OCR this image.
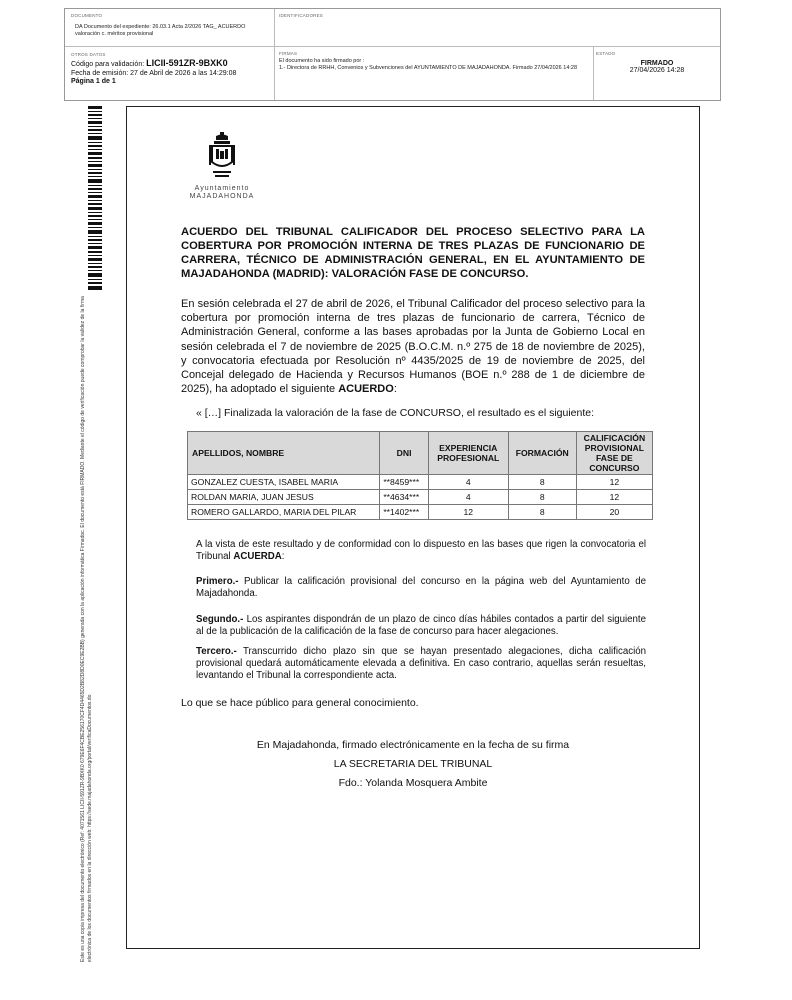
DOCUMENTO
DA Documento del expediente: 26.03.1 Acta 2/2026 TAG_ ACUERDO valoración c. méritos provisional
IDENTIFICADORES
OTROS DATOS
Código para validación: LICII-591ZR-9BXK0
Fecha de emisión: 27 de Abril de 2026 a las 14:29:08
Página 1 de 1
FIRMAS
El documento ha sido firmado por :
1.- Directora de RRHH, Convenios y Subvenciones del AYUNTAMIENTO DE MAJADAHONDA. Firmado 27/04/2026 14:28
ESTADO
FIRMADO
27/04/2026 14:28
Este es una copia impresa del documento electrónico (Ref: 4071561 LICII-591ZR-9BXK0 679E6F4CBE256170CF4D4465D2B82D8D0EC9E2BB) generada con la aplicación informática Firmadoc. El documento está FIRMADO. Mediante el código de verificación puede comprobar la validez de la firma electrónica de los documentos firmados en la dirección web: https://sede.majadahonda.org/portal/verificaDocumentos.do
Ayuntamiento
MAJADAHONDA
ACUERDO DEL TRIBUNAL CALIFICADOR DEL PROCESO SELECTIVO PARA LA COBERTURA POR PROMOCIÓN INTERNA DE TRES PLAZAS DE FUNCIONARIO DE CARRERA, TÉCNICO DE ADMINISTRACIÓN GENERAL, EN EL AYUNTAMIENTO DE MAJADAHONDA (MADRID): VALORACIÓN FASE DE CONCURSO.
En sesión celebrada el 27 de abril de 2026, el Tribunal Calificador del proceso selectivo para la cobertura por promoción interna de tres plazas de funcionario de carrera, Técnico de Administración General, conforme a las bases aprobadas por la Junta de Gobierno Local en sesión celebrada el 7 de noviembre de 2025 (B.O.C.M. n.º 275 de 18 de noviembre de 2025), y convocatoria efectuada por Resolución nº 4435/2025 de 19 de noviembre de 2025, del Concejal delegado de Hacienda y Recursos Humanos (BOE n.º 288 de 1 de diciembre de 2025), ha adoptado el siguiente ACUERDO:
« […] Finalizada la valoración de la fase de CONCURSO, el resultado es el siguiente:
APELLIDOS, NOMBRE	DNI	EXPERIENCIA PROFESIONAL	FORMACIÓN	CALIFICACIÓN PROVISIONAL FASE DE CONCURSO
GONZALEZ CUESTA, ISABEL MARIA	**8459***	4	8	12
ROLDAN MARIA, JUAN JESUS	**4634***	4	8	12
ROMERO GALLARDO, MARIA DEL PILAR	**1402***	12	8	20
A la vista de este resultado y de conformidad con lo dispuesto en las bases que rigen la convocatoria el Tribunal ACUERDA:
Primero.- Publicar la calificación provisional del concurso en la página web del Ayuntamiento de Majadahonda.
Segundo.- Los aspirantes dispondrán de un plazo de cinco días hábiles contados a partir del siguiente al de la publicación de la calificación de la fase de concurso para hacer alegaciones.
Tercero.- Transcurrido dicho plazo sin que se hayan presentado alegaciones, dicha calificación provisional quedará automáticamente elevada a definitiva. En caso contrario, aquellas serán resueltas, levantando el Tribunal la correspondiente acta.
Lo que se hace público para general conocimiento.
En Majadahonda, firmado electrónicamente en la fecha de su firma
LA SECRETARIA DEL TRIBUNAL
Fdo.: Yolanda Mosquera Ambite
